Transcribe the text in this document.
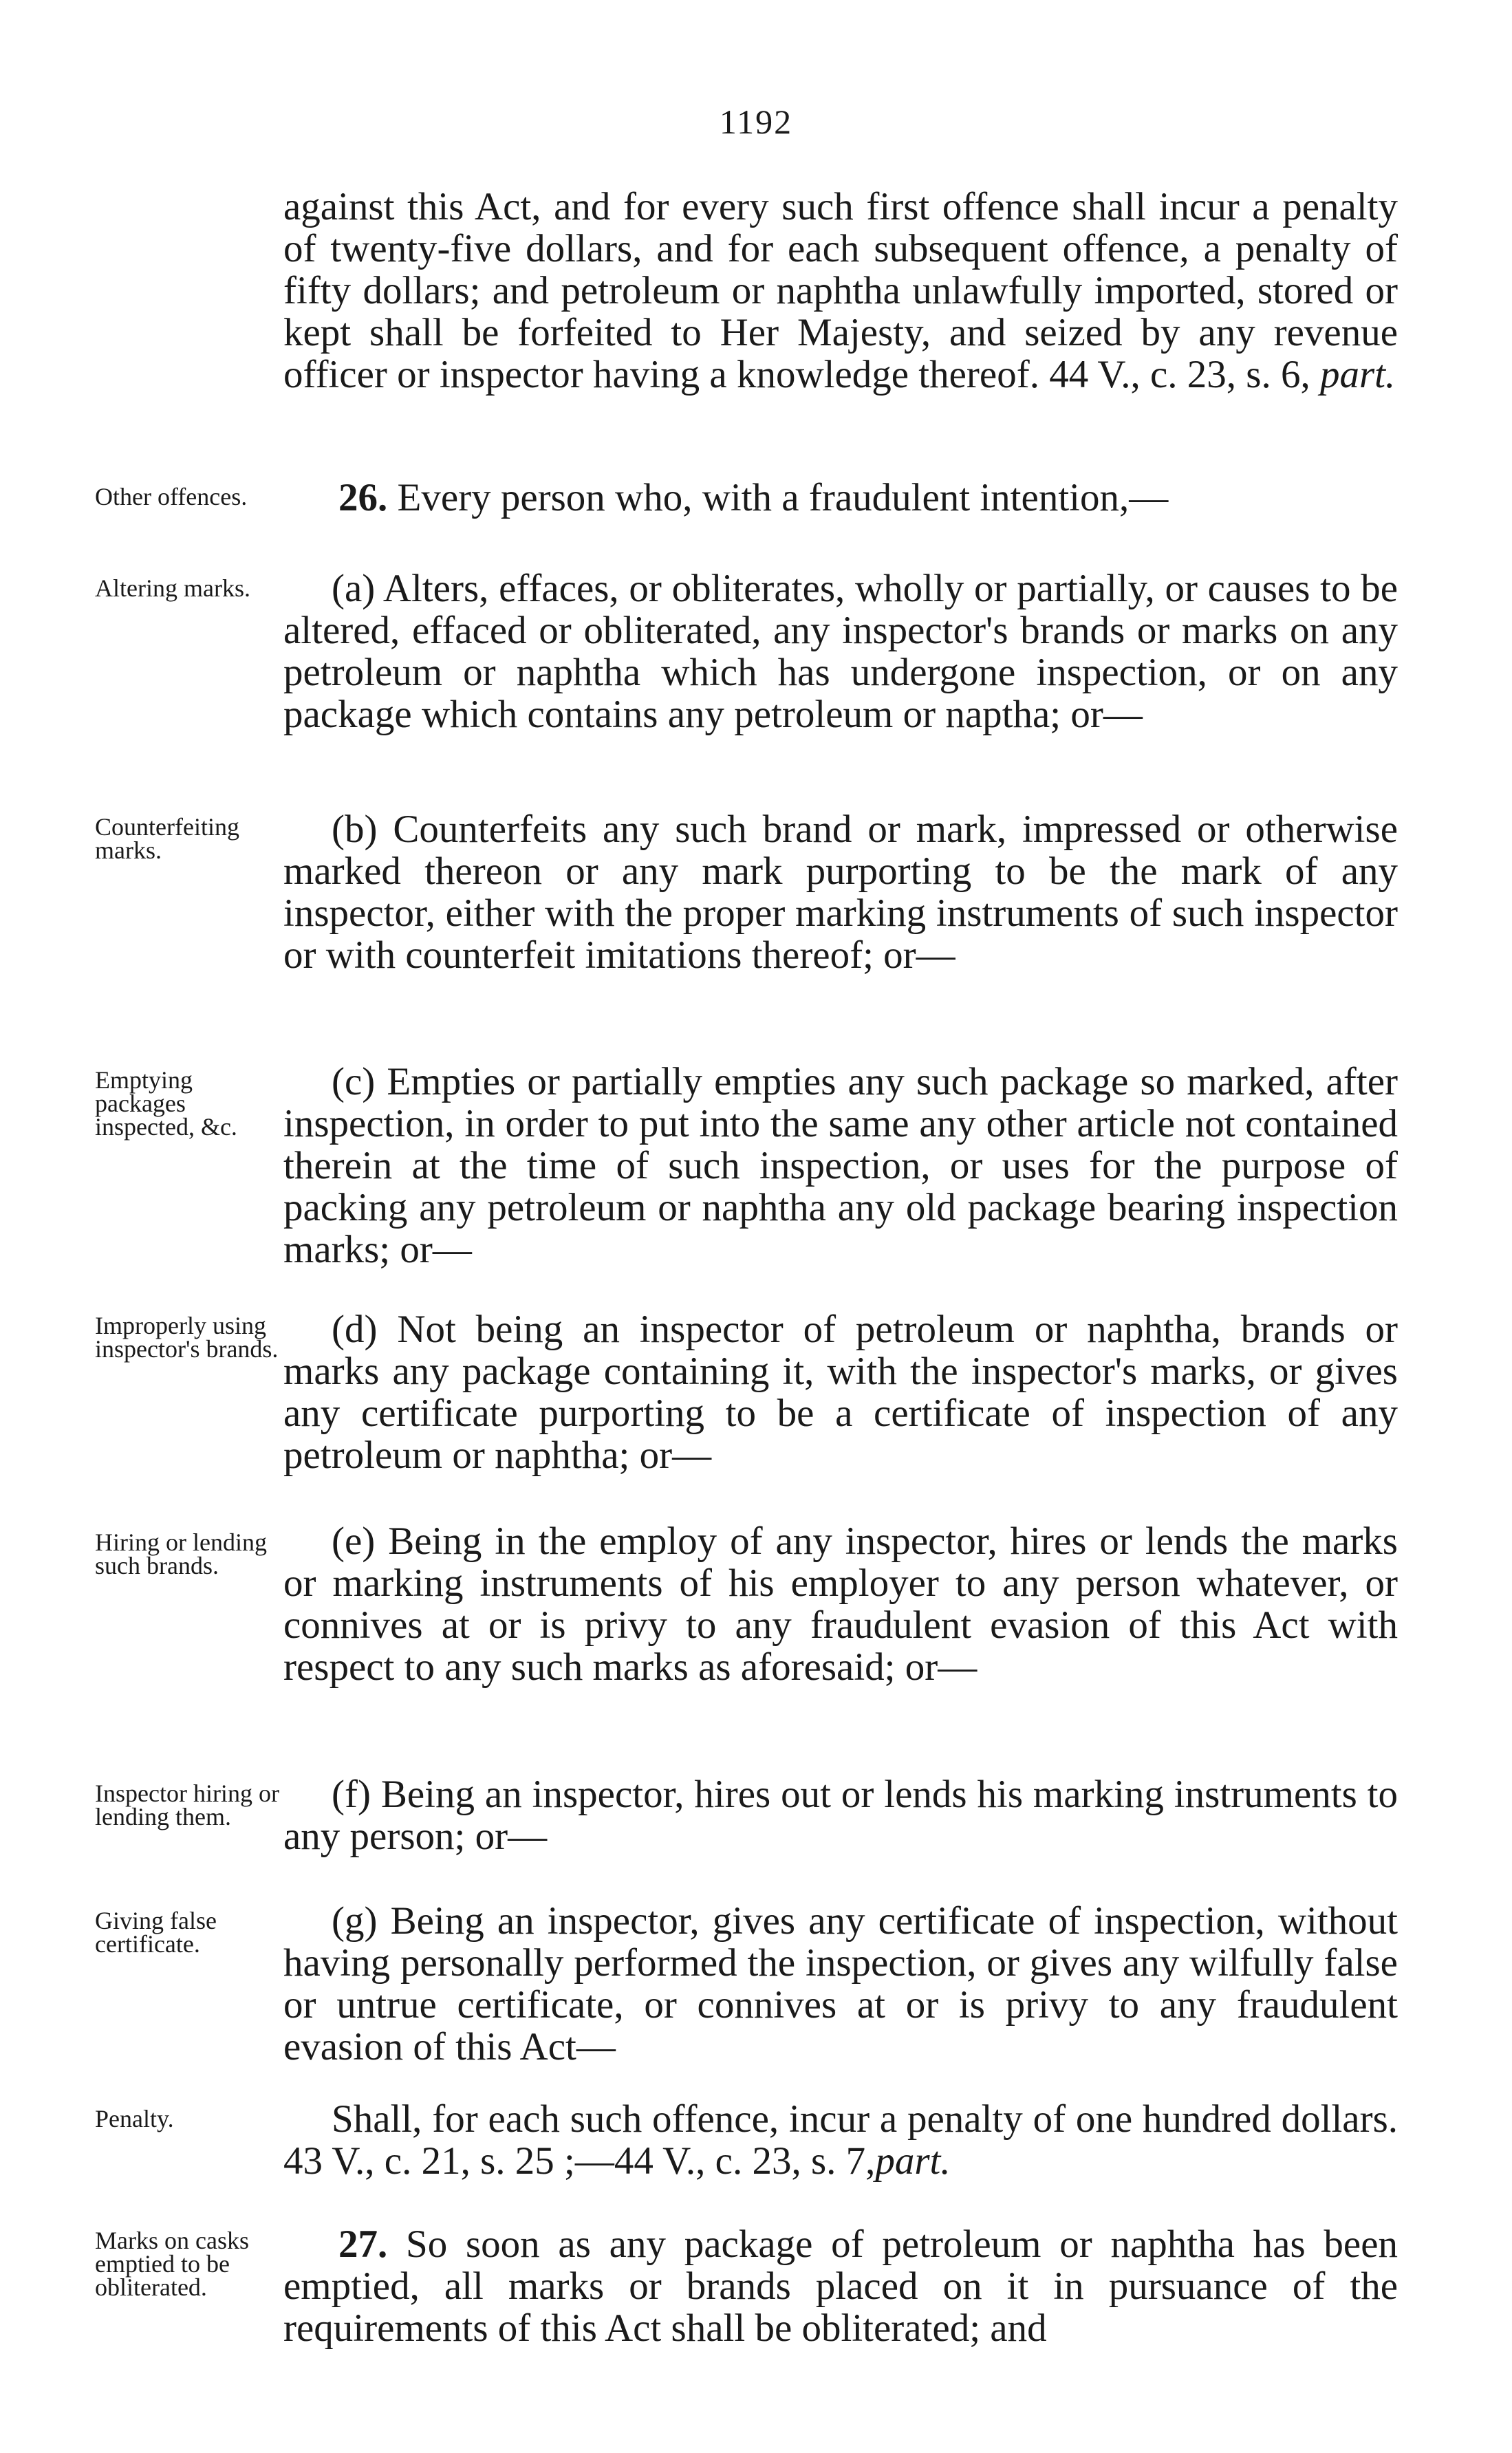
1192

against this Act, and for every such first offence shall incur a penalty of twenty-five dollars, and for each subsequent offence, a penalty of fifty dollars; and petroleum or naphtha unlawfully imported, stored or kept shall be forfeited to Her Majesty, and seized by any revenue officer or inspector having a knowledge thereof. 44 V., c. 23, s. 6, part.

Other offences.	26. Every person who, with a fraudulent intention,—
Altering marks.	(a) Alters, effaces, or obliterates, wholly or partially, or causes to be altered, effaced or obliterated, any inspector's brands or marks on any petroleum or naphtha which has undergone inspection, or on any package which contains any petroleum or naptha; or—

Counterfeiting marks.	(b) Counterfeits any such brand or mark, impressed or otherwise marked thereon or any mark purporting to be the mark of any inspector, either with the proper marking instruments of such inspector or with counterfeit imitations thereof; or—

Emptying packages inspected, &c.

(c) Empties or partially empties any such package so marked, after inspection, in order to put into the same any other article not contained therein at the time of such inspection, or uses for the purpose of packing any petroleum or naphtha any old package bearing inspection marks; or—

Improperly using inspector's brands.	(d) Not being an inspector of petroleum or naphtha, brands or marks any package containing it, with the inspector's marks, or gives any certificate purporting to be a certificate of inspection of any petroleum or naphtha; or—

Hiring or lending such brands.

(e) Being in the employ of any inspector, hires or lends the marks or marking instruments of his employer to any person whatever, or connives at or is privy to any fraudulent evasion of this Act with respect to any such marks as aforesaid; or—

Inspector hiring or lending them.

(f) Being an inspector, hires out or lends his marking instruments to any person; or—

Giving false certificate.

(g) Being an inspector, gives any certificate of inspection, without having personally performed the inspection, or gives any wilfully false or untrue certificate, or connives at or is privy to any fraudulent evasion of this Act—

Penalty.	Shall, for each such offence, incur a penalty of one hundred dollars. 43 V., c. 21, s. 25 ;—44 V., c. 23, s. 7,part.

Marks on casks emptied to be obliterated.

27. So soon as any package of petroleum or naphtha has been emptied, all marks or brands placed on it in pursuance of the requirements of this Act shall be obliterated; and
